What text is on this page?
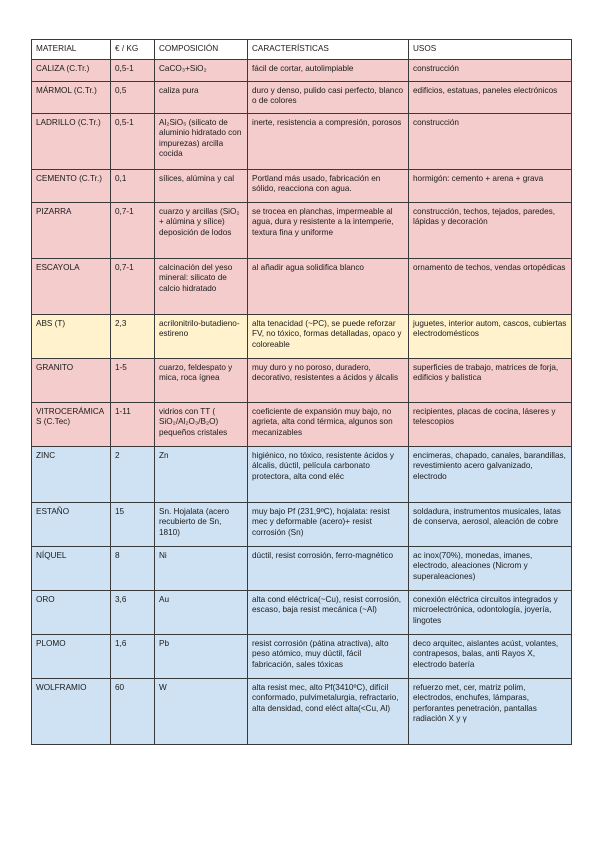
MATERIAL	€ / KG	COMPOSICIÓN	CARACTERÍSTICAS	USOS
CALIZA (C.Tr.)	0,5-1	CaCO₃+SiO₂	fácil de cortar, autolimpiable	construcción
MÁRMOL (C.Tr.)	0,5	caliza pura	duro y denso, pulido casi perfecto, blanco o de colores	edificios, estatuas, paneles electrónicos
LADRILLO (C.Tr.)	0,5-1	Al₂SiO₅ (silicato de aluminio hidratado con impurezas) arcilla cocida	inerte, resistencia a compresión, porosos	construcción
CEMENTO (C.Tr.)	0,1	sílices, alúmina y cal	Portland más usado, fabricación en sólido, reacciona con agua.	hormigón: cemento + arena + grava
PIZARRA	0,7-1	cuarzo y arcillas (SiO₂ + alúmina y sílice) deposición de lodos	se trocea en planchas, impermeable al agua, dura y resistente a la intemperie, textura fina y uniforme	construcción, techos, tejados, paredes, lápidas y decoración
ESCAYOLA	0,7-1	calcinación del yeso mineral: silicato de calcio hidratado	al añadir agua solidifica blanco	ornamento de techos, vendas ortopédicas
ABS (T)	2,3	acrilonitrilo-butadieno-estireno	alta tenacidad (~PC), se puede reforzar FV, no tóxico, formas detalladas, opaco y coloreable	juguetes, interior autom, cascos, cubiertas electrodomésticos
GRANITO	1-5	cuarzo, feldespato y mica, roca ígnea	muy duro y no poroso, duradero, decorativo, resistentes a ácidos y álcalis	superficies de trabajo, matrices de forja, edificios y balística
VITROCERÁMICAS (C.Tec)	1-11	vidrios con TT ( SiO₂/Al₂O₃/B₂O) pequeños cristales	coeficiente de expansión muy bajo, no agrieta, alta cond térmica, algunos son mecanizables	recipientes, placas de cocina, láseres y telescopios
ZINC	2	Zn	higiénico, no tóxico, resistente ácidos y álcalis, dúctil, película carbonato protectora, alta cond eléc	encimeras, chapado, canales, barandillas, revestimiento acero galvanizado, electrodo
ESTAÑO	15	Sn. Hojalata (acero recubierto de Sn, 1810)	muy bajo Pf (231,9ºC), hojalata: resist mec y deformable (acero)+ resist corrosión (Sn)	soldadura, instrumentos musicales, latas de conserva, aerosol, aleación de cobre
NÍQUEL	8	Ni	dúctil, resist corrosión, ferro-magnético	ac inox(70%), monedas, imanes, electrodo, aleaciones (Nicrom y superaleaciones)
ORO	3,6	Au	alta cond eléctrica(~Cu), resist corrosión, escaso, baja resist mecánica (~Al)	conexión eléctrica circuitos integrados y microelectrónica, odontología, joyería, lingotes
PLOMO	1,6	Pb	resist corrosión (pátina atractiva), alto peso atómico, muy dúctil, fácil fabricación, sales tóxicas	deco arquitec, aislantes acúst, volantes, contrapesos, balas, anti Rayos X, electrodo batería
WOLFRAMIO	60	W	alta resist mec, alto Pf(3410ºC), difícil conformado, pulvimetalurgia, refractario, alta densidad, cond eléct alta(<Cu, Al)	refuerzo met, cer, matriz polim, electrodos, enchufes, lámparas, perforantes penetración, pantallas radiación X y γ
